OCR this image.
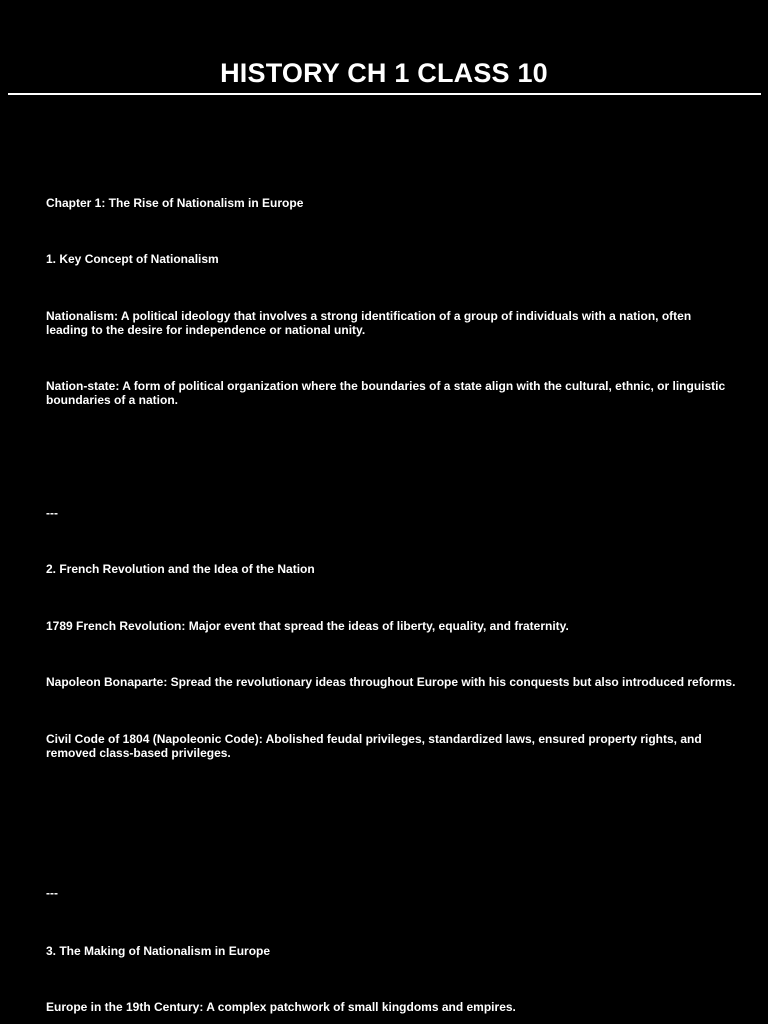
HISTORY CH 1 CLASS 10

Chapter 1: The Rise of Nationalism in Europe

1. Key Concept of Nationalism

Nationalism: A political ideology that involves a strong identification of a group of individuals with a nation, often leading to the desire for independence or national unity.

Nation-state: A form of political organization where the boundaries of a state align with the cultural, ethnic, or linguistic boundaries of a nation.

---

2. French Revolution and the Idea of the Nation

1789 French Revolution: Major event that spread the ideas of liberty, equality, and fraternity.

Napoleon Bonaparte: Spread the revolutionary ideas throughout Europe with his conquests but also introduced reforms.

Civil Code of 1804 (Napoleonic Code): Abolished feudal privileges, standardized laws, ensured property rights, and removed class-based privileges.

---

3. The Making of Nationalism in Europe

Europe in the 19th Century: A complex patchwork of small kingdoms and empires.
